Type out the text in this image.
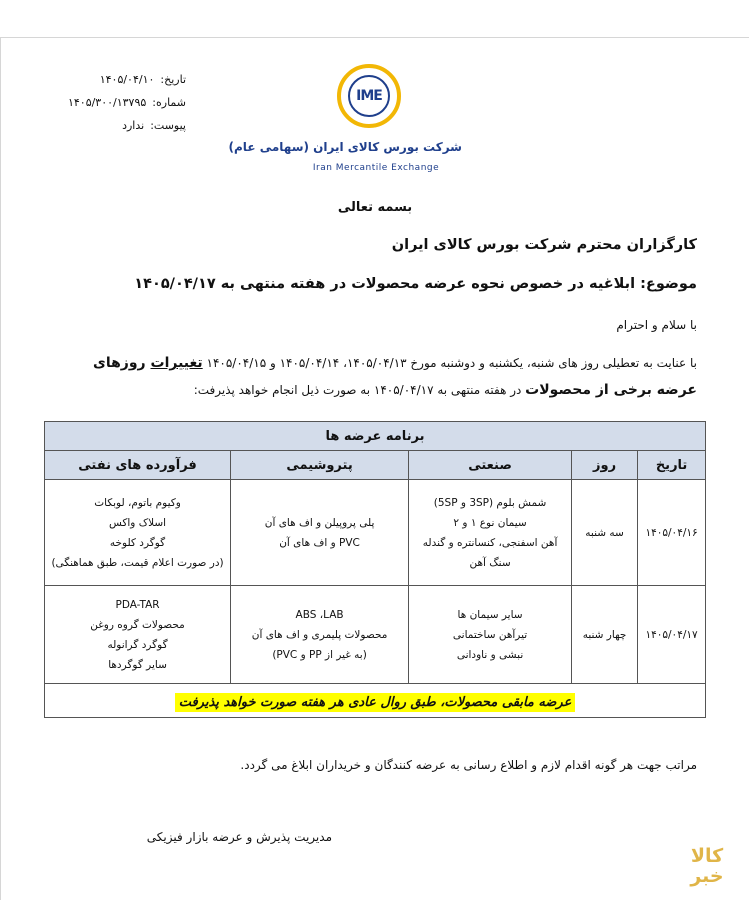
تاریخ:
۱۴۰۵/۰۴/۱۰
شماره:
۱۴۰۵/۳۰۰/۱۳۷۹۵
پیوست:
ندارد
IME
شرکت بورس کالای ایران (سهامی عام)
Iran Mercantile Exchange
بسمه تعالی
کارگزاران محترم شرکت بورس کالای ایران
موضوع: ابلاغیه در خصوص نحوه عرضه محصولات در هفته منتهی به ۱۴۰۵/۰۴/۱۷
با سلام و احترام
با عنایت به تعطیلی روز های شنبه، یکشنبه و دوشنبه مورخ ۱۴۰۵/۰۴/۱۳، ۱۴۰۵/۰۴/۱۴ و ۱۴۰۵/۰۴/۱۵ تغییرات روزهای عرضه برخی از محصولات در هفته منتهی به ۱۴۰۵/۰۴/۱۷ به صورت ذیل انجام خواهد پذیرفت:
برنامه عرضه ها				
تاریخ	روز	صنعتی	پتروشیمی	فرآورده های نفتی
۱۴۰۵/۰۴/۱۶	سه شنبه	شمش بلوم (3SP و 5SP)
سیمان نوع ۱ و ۲
آهن اسفنجی، کنسانتره و گندله
سنگ آهن	پلی پروپیلن و اف های آن
PVC و اف های آن	وکیوم باتوم، لوبکات
اسلاک واکس
گوگرد کلوخه
(در صورت اعلام قیمت، طبق هماهنگی)

۱۴۰۵/۰۴/۱۷	چهار شنبه	سایر سیمان ها
تیرآهن ساختمانی
نبشی و ناودانی	ABS ،LAB
محصولات پلیمری و اف های آن
(به غیر از PP و PVC)	PDA-TAR
محصولات گروه روغن
گوگرد گرانوله
سایر گوگردها

عرضه مابقی محصولات، طبق روال عادی هر هفته صورت خواهد پذیرفت				
مراتب جهت هر گونه اقدام لازم و اطلاع رسانی به عرضه کنندگان و خریداران ابلاغ می گردد.
مدیریت پذیرش و عرضه بازار فیزیکی
کالا
خبر
